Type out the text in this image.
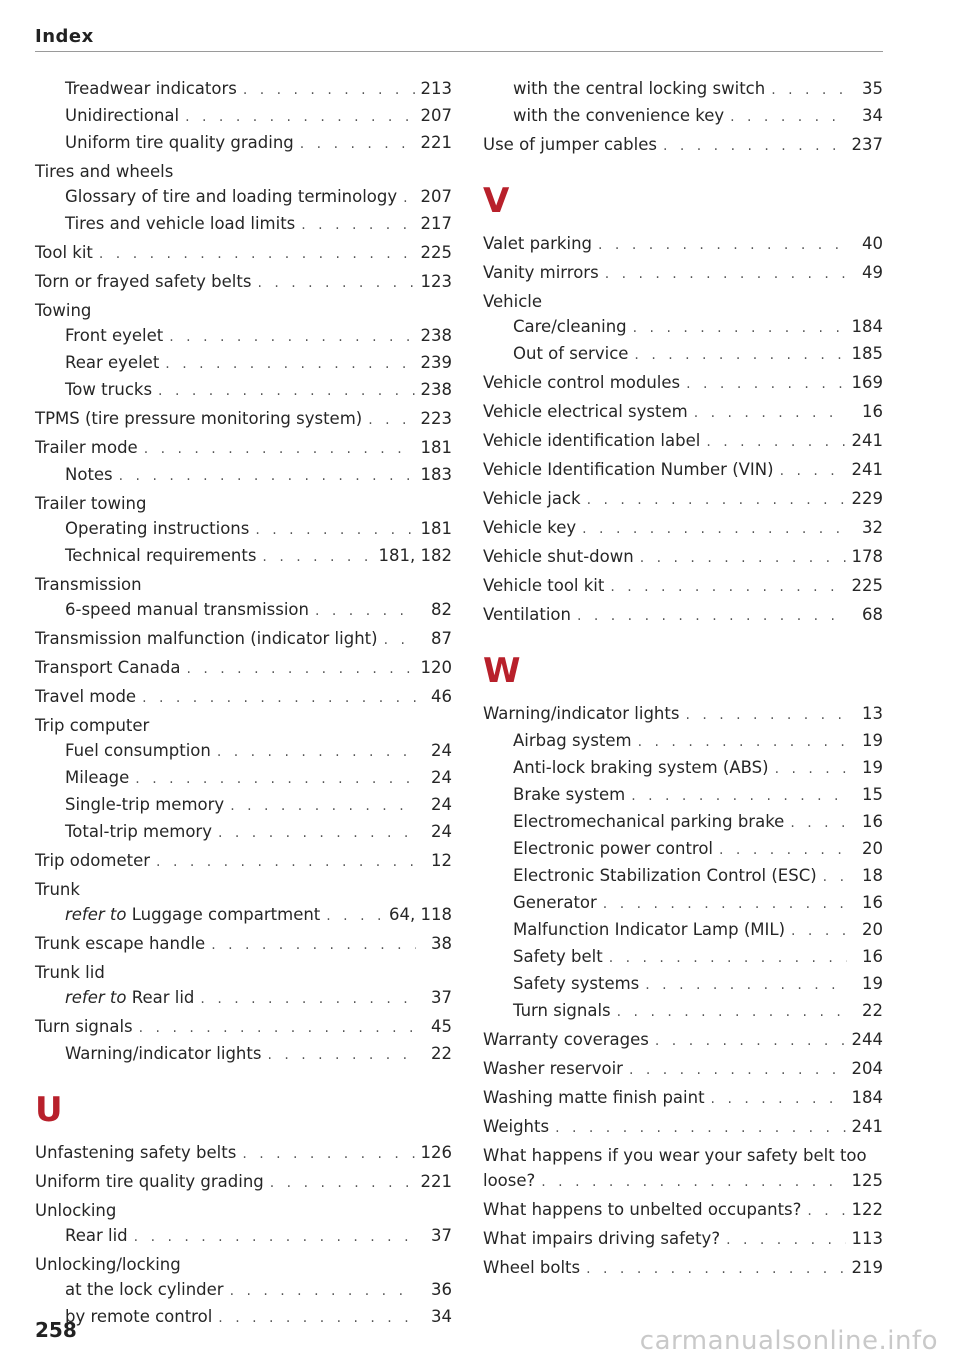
Index
Treadwear indicators . . .	213
Unidirectional . . .	207
Uniform tire quality grading . . .	221
Tires and wheels
Glossary of tire and loading terminology . . . 207
Tires and vehicle load limits . . .	217
Tool kit . . .	225
Torn or frayed safety belts . . .	123
Towing
Front eyelet . . .	238
Rear eyelet . . .	239
Tow trucks . . .	238
TPMS (tire pressure monitoring system) . . .	223
Trailer mode . . .	181
Notes . . .	183
Trailer towing
Operating instructions . . .	181
Technical requirements . . .	181, 182
Transmission
6-speed manual transmission . . .	82
Transmission malfunction (indicator light) . . .	87
Transport Canada . . .	120
Travel mode . . .	46
Trip computer
Fuel consumption . . .	24
Mileage . . .	24
Single-trip memory . . .	24
Total-trip memory . . .	24
Trip odometer . . .	12
Trunk
refer to Luggage compartment . . .	64, 118
Trunk escape handle . . .	38
Trunk lid
refer to Rear lid . . .	37
Turn signals . . .	45
Warning/indicator lights . . .	22
U
Unfastening safety belts . . .	126
Uniform tire quality grading . . .	221
Unlocking
Rear lid . . .	37
Unlocking/locking
at the lock cylinder . . .	36
by remote control . . .	34
with the central locking switch . . .	35
with the convenience key . . .	34
Use of jumper cables . . .	237
V
Valet parking . . .	40
Vanity mirrors . . .	49
Vehicle
Care/cleaning . . .	184
Out of service . . .	185
Vehicle control modules . . .	169
Vehicle electrical system . . .	16
Vehicle identification label . . .	241
Vehicle Identification Number (VIN) . . .	241
Vehicle jack . . .	229
Vehicle key . . .	32
Vehicle shut-down . . .	178
Vehicle tool kit . . .	225
Ventilation . . .	68
W
Warning/indicator lights . . .	13
Airbag system . . .	19
Anti-lock braking system (ABS) . . .	19
Brake system . . .	15
Electromechanical parking brake . . .	16
Electronic power control . . .	20
Electronic Stabilization Control (ESC) . . .	18
Generator . . .	16
Malfunction Indicator Lamp (MIL) . . .	20
Safety belt . . .	16
Safety systems . . .	19
Turn signals . . .	22
Warranty coverages . . .	244
Washer reservoir . . .	204
Washing matte finish paint . . .	184
Weights . . .	241
What happens if you wear your safety belt too
loose? . . .	125
What happens to unbelted occupants? . . .	122
What impairs driving safety? . . .	113
Wheel bolts . . .	219
258	carmanualsonline.info
